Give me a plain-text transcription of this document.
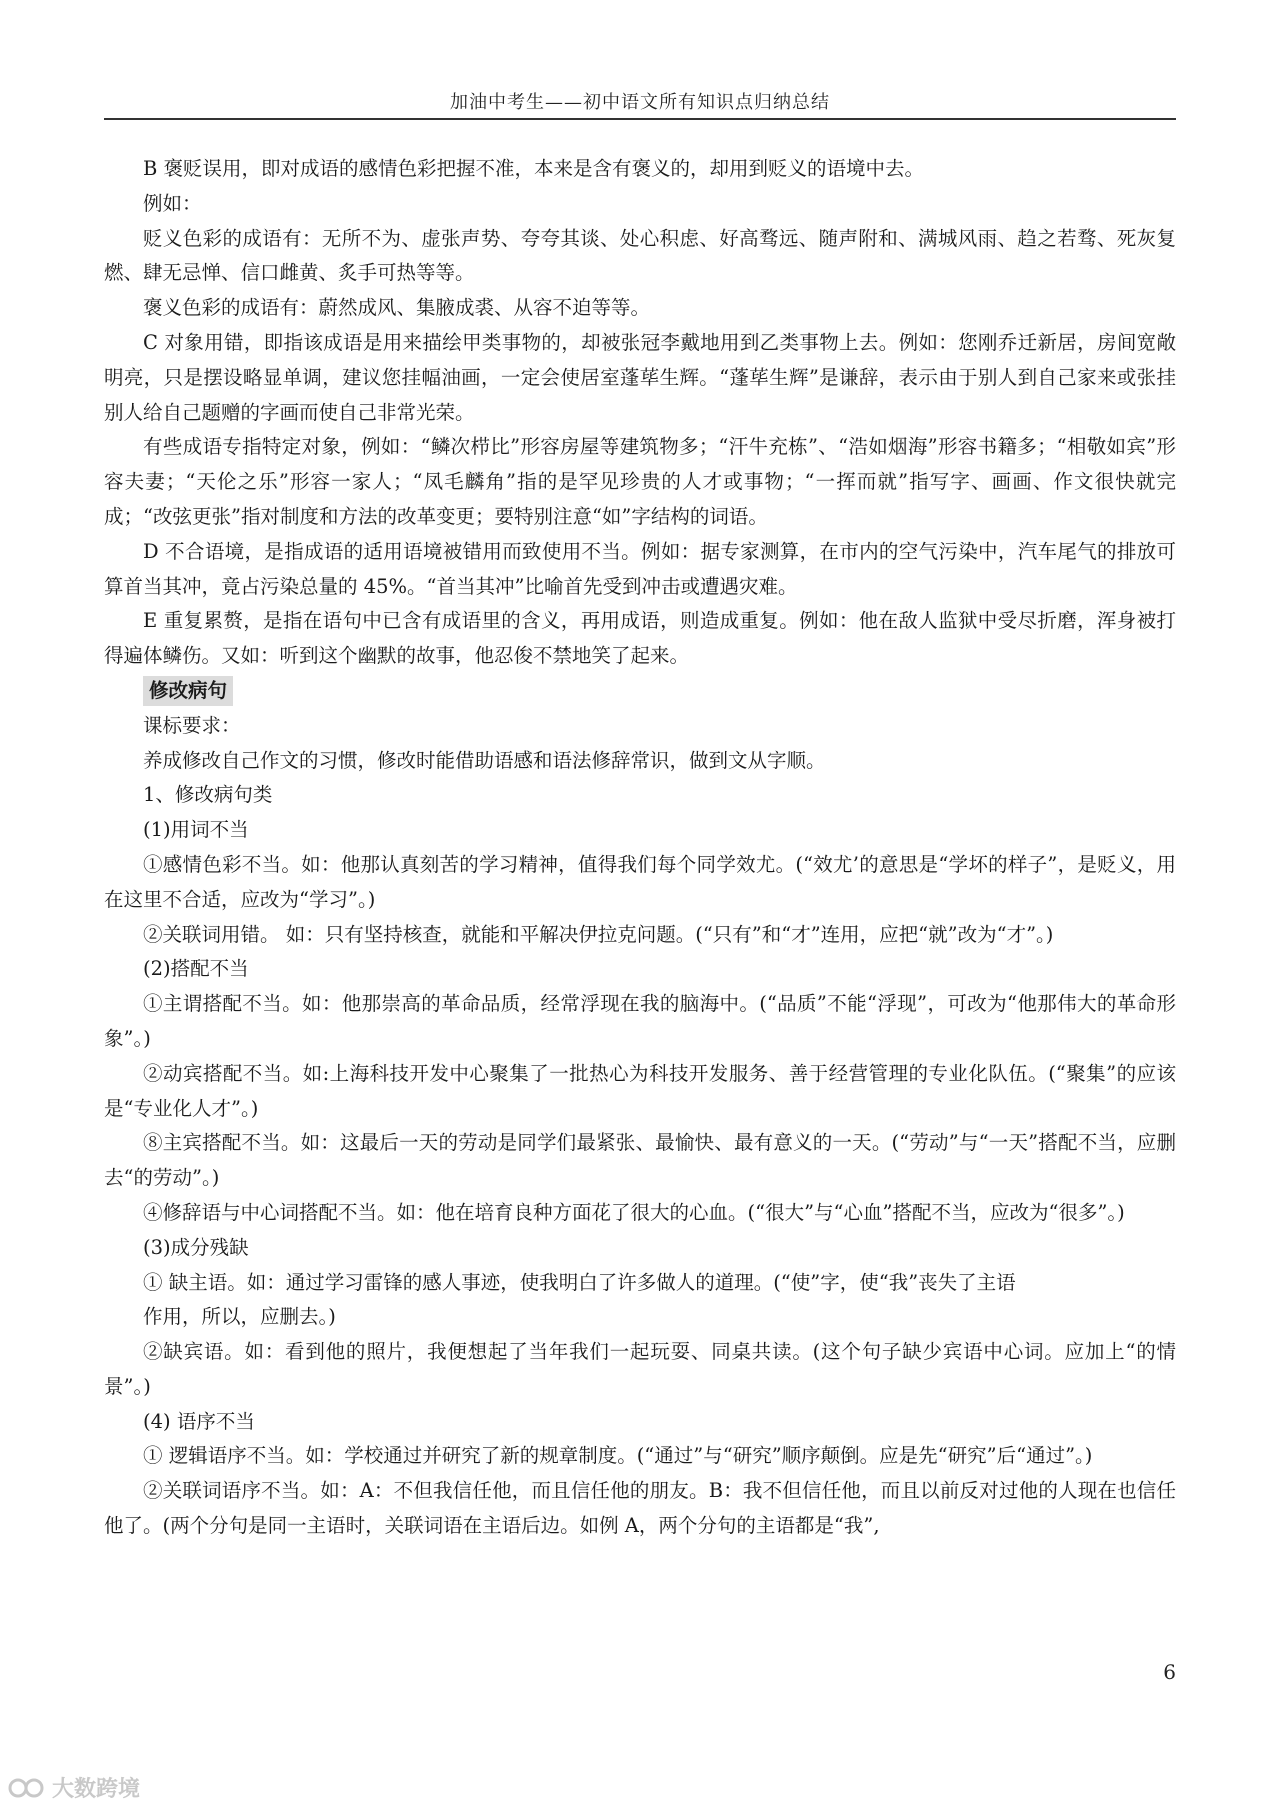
加油中考生——初中语文所有知识点归纳总结

B 褒贬误用，即对成语的感情色彩把握不准，本来是含有褒义的，却用到贬义的语境中去。

例如：

贬义色彩的成语有：无所不为、虚张声势、夸夸其谈、处心积虑、好高骛远、随声附和、满城风雨、趋之若骛、死灰复燃、肆无忌惮、信口雌黄、炙手可热等等。

褒义色彩的成语有：蔚然成风、集腋成裘、从容不迫等等。

C 对象用错，即指该成语是用来描绘甲类事物的，却被张冠李戴地用到乙类事物上去。例如：您刚乔迁新居，房间宽敞明亮，只是摆设略显单调，建议您挂幅油画，一定会使居室蓬荜生辉。“蓬荜生辉”是谦辞，表示由于别人到自己家来或张挂别人给自己题赠的字画而使自己非常光荣。

有些成语专指特定对象，例如：“鳞次栉比”形容房屋等建筑物多；“汗牛充栋”、“浩如烟海”形容书籍多；“相敬如宾”形容夫妻；“天伦之乐”形容一家人；“凤毛麟角”指的是罕见珍贵的人才或事物；“一挥而就”指写字、画画、作文很快就完成；“改弦更张”指对制度和方法的改革变更；要特别注意“如”字结构的词语。

D 不合语境，是指成语的适用语境被错用而致使用不当。例如：据专家测算，在市内的空气污染中，汽车尾气的排放可算首当其冲，竟占污染总量的 45%。“首当其冲”比喻首先受到冲击或遭遇灾难。

E 重复累赘，是指在语句中已含有成语里的含义，再用成语，则造成重复。例如：他在敌人监狱中受尽折磨，浑身被打得遍体鳞伤。又如：听到这个幽默的故事，他忍俊不禁地笑了起来。

修改病句

课标要求：

养成修改自己作文的习惯，修改时能借助语感和语法修辞常识，做到文从字顺。

1、修改病句类

(1)用词不当

①感情色彩不当。如：他那认真刻苦的学习精神，值得我们每个同学效尤。(“效尤’的意思是“学坏的样子”，是贬义，用在这里不合适，应改为“学习”。)

②关联词用错。 如：只有坚持核查，就能和平解决伊拉克问题。(“只有”和“才”连用，应把“就”改为“才”。)

(2)搭配不当

①主谓搭配不当。如：他那崇高的革命品质，经常浮现在我的脑海中。(“品质”不能“浮现”，可改为“他那伟大的革命形象”。)

②动宾搭配不当。如:上海科技开发中心聚集了一批热心为科技开发服务、善于经营管理的专业化队伍。(“聚集”的应该是“专业化人才”。)

⑧主宾搭配不当。如：这最后一天的劳动是同学们最紧张、最愉快、最有意义的一天。(“劳动”与“一天”搭配不当，应删去“的劳动”。)

④修辞语与中心词搭配不当。如：他在培育良种方面花了很大的心血。(“很大”与“心血”搭配不当，应改为“很多”。)

(3)成分残缺

① 缺主语。如：通过学习雷锋的感人事迹，使我明白了许多做人的道理。(“使”字，使“我”丧失了主语

作用，所以，应删去。)

②缺宾语。如：看到他的照片，我便想起了当年我们一起玩耍、同桌共读。(这个句子缺少宾语中心词。应加上“的情景”。)

(4) 语序不当

① 逻辑语序不当。如：学校通过并研究了新的规章制度。(“通过”与“研究”顺序颠倒。应是先“研究”后“通过”。)

②关联词语序不当。如：A：不但我信任他，而且信任他的朋友。B：我不但信任他，而且以前反对过他的人现在也信任他了。(两个分句是同一主语时，关联词语在主语后边。如例 A，两个分句的主语都是“我”,

6
大数跨境
